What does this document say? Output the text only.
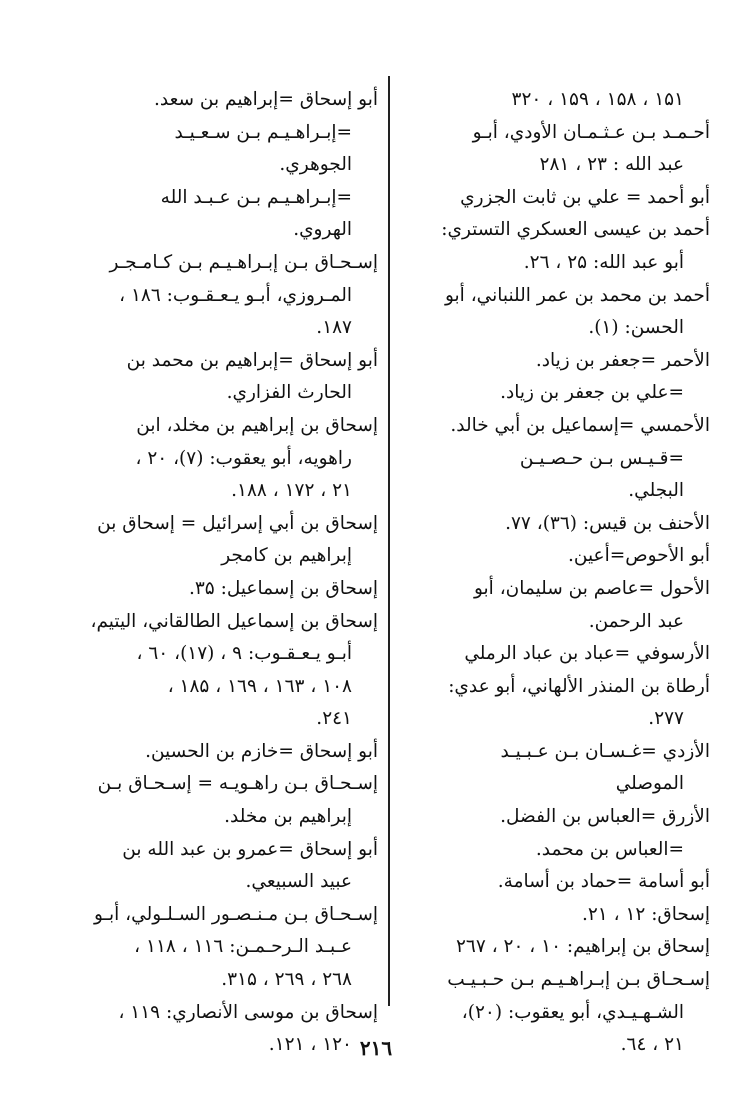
۱۵۱ ، ۱۵۸ ، ۱۵۹ ، ۳۲۰
أحـمـد بـن عـثـمـان الأودي، أبـو
عبد الله : ۲۳ ، ۲۸۱
أبو أحمد = علي بن ثابت الجزري
أحمد بن عيسى العسكري التستري:
أبو عبد الله: ۲۵ ، ۲٦.
أحمد بن محمد بن عمر اللنباني، أبو
الحسن: (۱).
الأحمر =جعفر بن زياد.
=علي بن جعفر بن زياد.
الأحمسي =إسماعيل بن أبي خالد.
=قـيـس بـن حـصـيـن
البجلي.
الأحنف بن قيس: (۳٦)، ۷۷.
أبو الأحوص=أعين.
الأحول =عاصم بن سليمان، أبو
عبد الرحمن.
الأرسوفي =عباد بن عباد الرملي
أرطاة بن المنذر الألهاني، أبو عدي:
۲۷۷.
الأزدي =غـسـان بـن عـبـيـد
الموصلي
الأزرق =العباس بن الفضل.
=العباس بن محمد.
أبو أسامة =حماد بن أسامة.
إسحاق: ۱۲ ، ۲۱.
إسحاق بن إبراهيم: ۱۰ ، ۲۰ ، ۲٦۷
إسـحـاق بـن إبـراهـيـم بـن حـبـيـب
الشـهـيـدي، أبو يعقوب: (۲۰)،
۲۱ ، ٦٤.
أبو إسحاق =إبراهيم بن سعد.
=إبـراهـيـم بـن سـعـيـد
الجوهري.
=إبـراهـيـم بـن عـبـد الله
الهروي.
إسـحـاق بـن إبـراهـيـم بـن كـامـجـر
المـروزي، أبـو يـعـقـوب: ۱۸٦ ،
۱۸۷.
أبو إسحاق =إبراهيم بن محمد بن
الحارث الفزاري.
إسحاق بن إبراهيم بن مخلد، ابن
راهويه، أبو يعقوب: (۷)، ۲۰ ،
۲۱ ، ۱۷۲ ، ۱۸۸.
إسحاق بن أبي إسرائيل = إسحاق بن
إبراهيم بن كامجر
إسحاق بن إسماعيل: ۳۵.
إسحاق بن إسماعيل الطالقاني، اليتيم،
أبـو يـعـقـوب: ۹ ، (۱۷)، ٦۰ ،
۱۰۸ ، ۱٦۳ ، ۱٦۹ ، ۱۸۵ ،
۲٤۱.
أبو إسحاق =خازم بن الحسين.
إسـحـاق بـن راهـويـه = إسـحـاق بـن
إبراهيم بن مخلد.
أبو إسحاق =عمرو بن عبد الله بن
عبيد السبيعي.
إسـحـاق بـن مـنـصـور السـلـولي، أبـو
عـبـد الـرحـمـن: ۱۱٦ ، ۱۱۸ ،
۲٦۸ ، ۲٦۹ ، ۳۱۵.
إسحاق بن موسى الأنصاري: ۱۱۹ ،
۱۲۰ ، ۱۲۱. ۲۱٦
